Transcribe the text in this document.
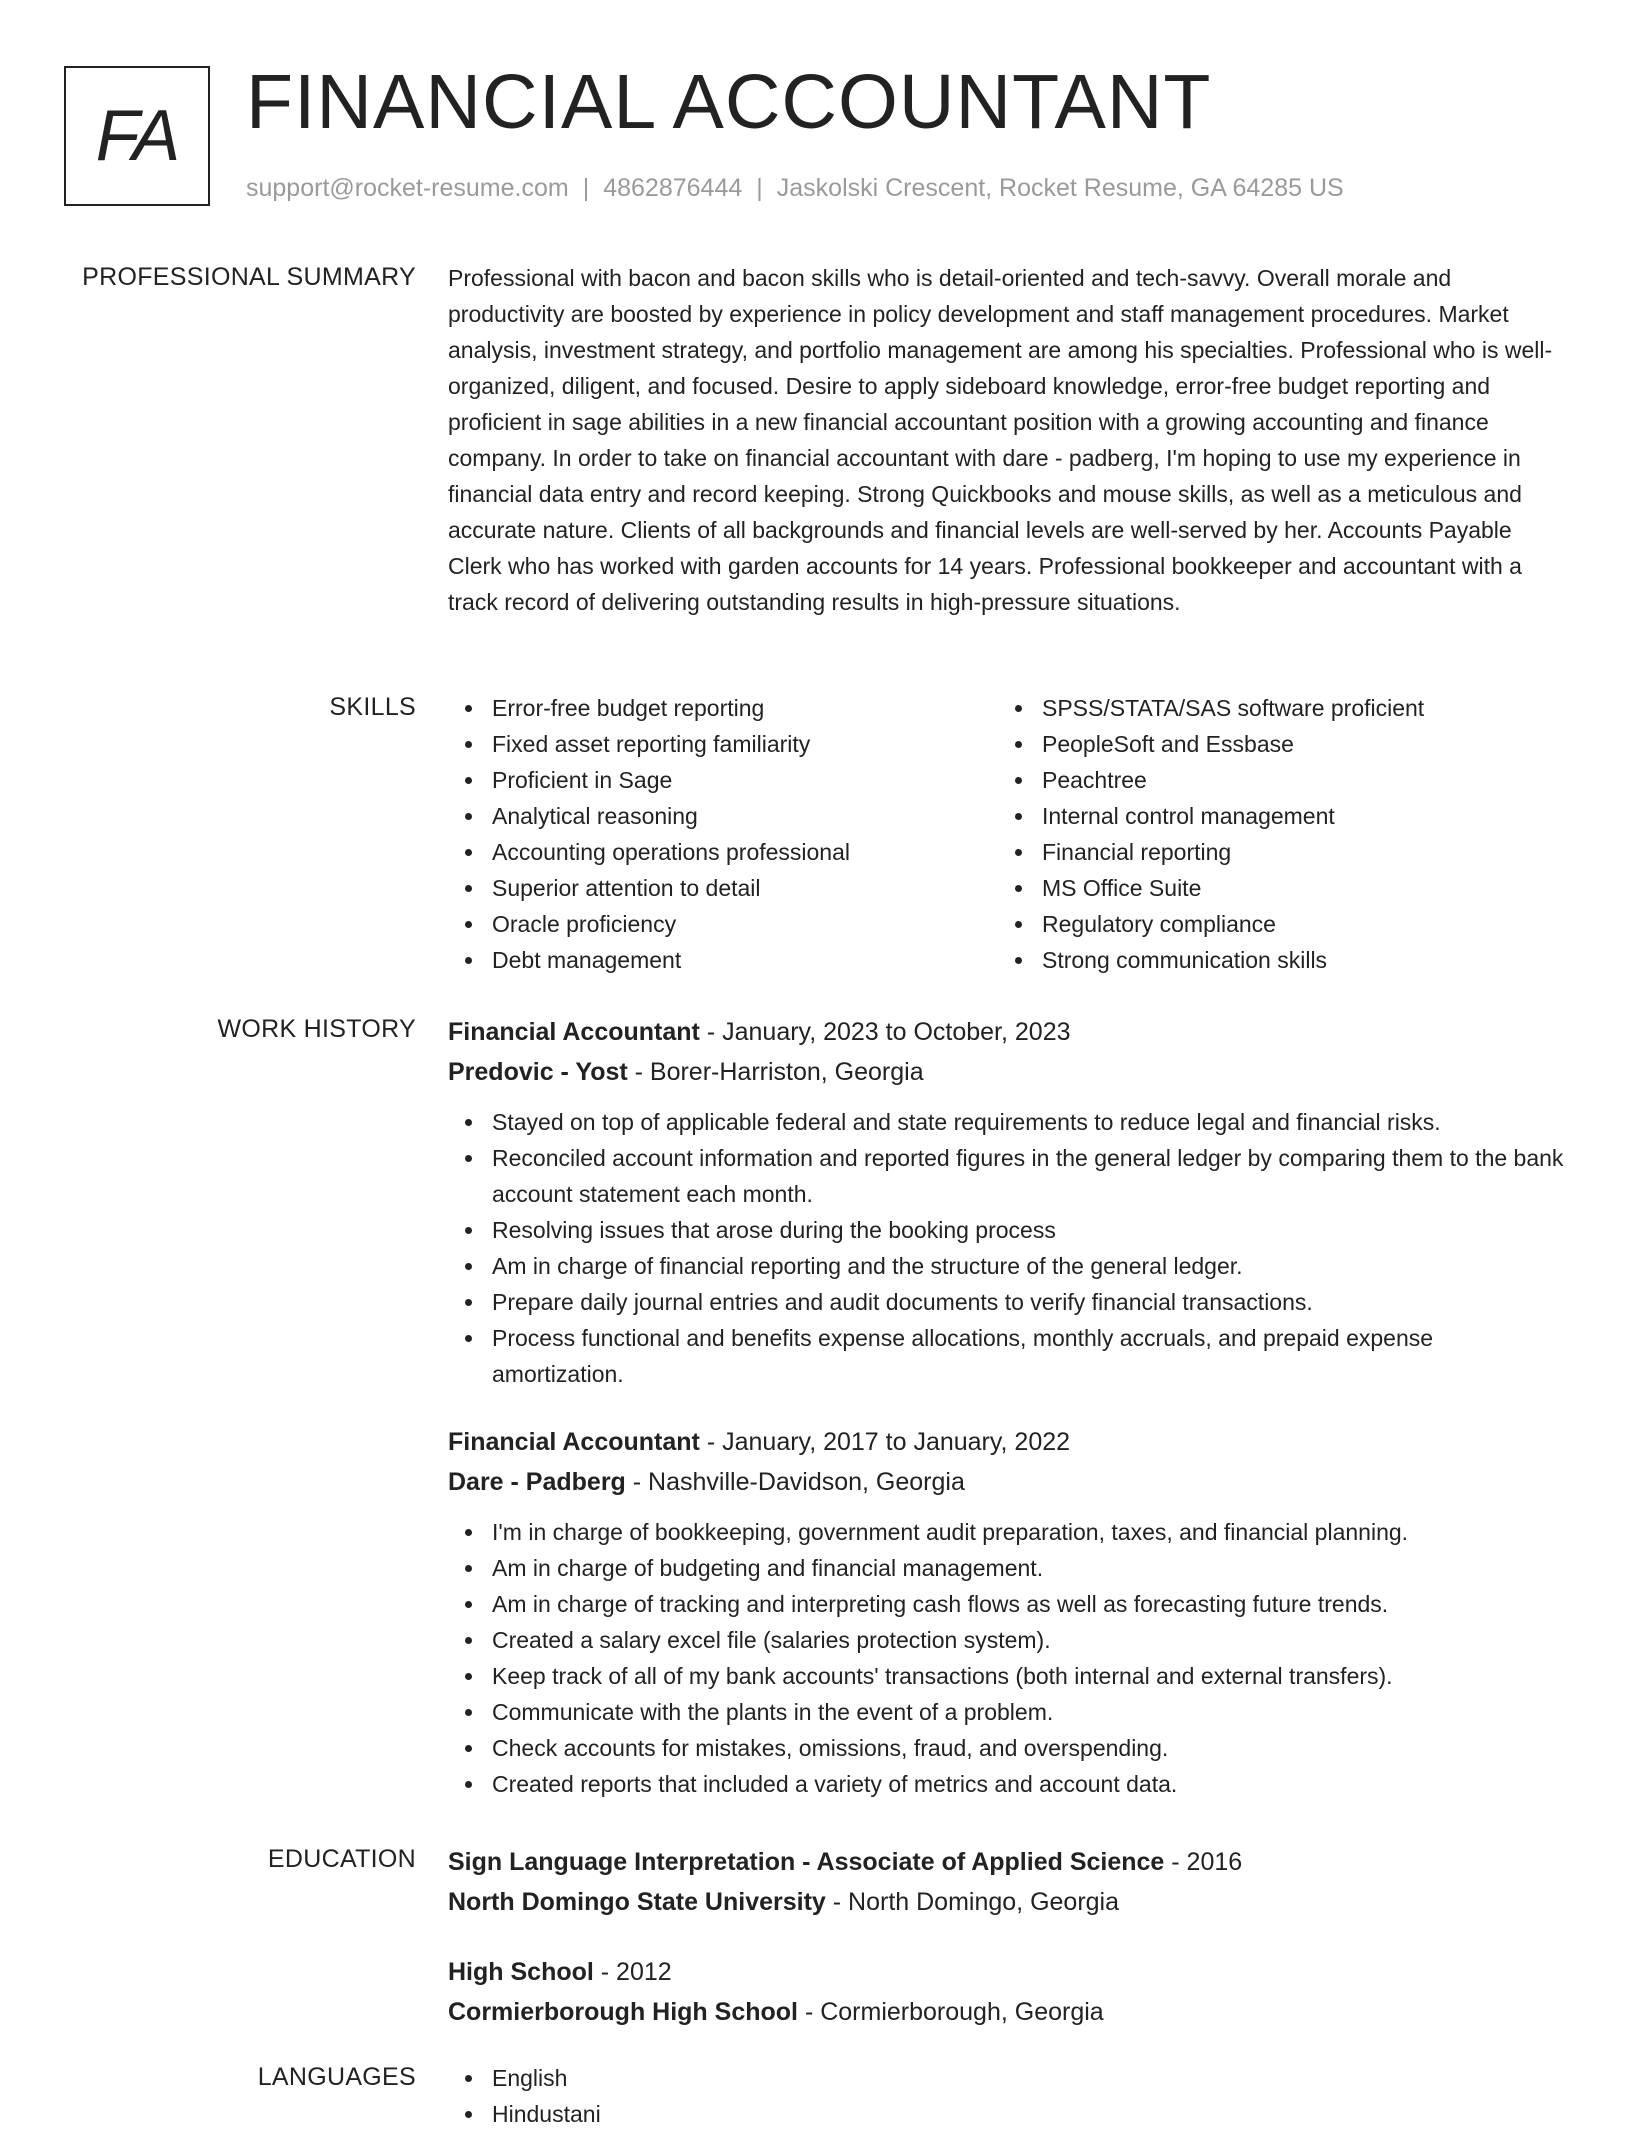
FA FINANCIAL ACCOUNTANT
support@rocket-resume.com | 4862876444 | Jaskolski Crescent, Rocket Resume, GA 64285 US
PROFESSIONAL SUMMARY Professional with bacon and bacon skills who is detail-oriented and tech-savvy. Overall morale and productivity are boosted by experience in policy development and staff management procedures. Market analysis, investment strategy, and portfolio management are among his specialties. Professional who is well-organized, diligent, and focused. Desire to apply sideboard knowledge, error-free budget reporting and proficient in sage abilities in a new financial accountant position with a growing accounting and finance company. In order to take on financial accountant with dare - padberg, I'm hoping to use my experience in financial data entry and record keeping. Strong Quickbooks and mouse skills, as well as a meticulous and accurate nature. Clients of all backgrounds and financial levels are well-served by her. Accounts Payable Clerk who has worked with garden accounts for 14 years. Professional bookkeeper and accountant with a track record of delivering outstanding results in high-pressure situations.

SKILLS	Error-free budget reporting
Fixed asset reporting familiarity
Proficient in Sage
Analytical reasoning
Accounting operations professional
Superior attention to detail
Oracle proficiency
Debt management
SPSS/STATA/SAS software proficient
PeopleSoft and Essbase
Peachtree
Internal control management
Financial reporting
MS Office Suite
Regulatory compliance
Strong communication skills
WORK HISTORY Financial Accountant - January, 2023 to October, 2023
Predovic - Yost - Borer-Harriston, Georgia
Stayed on top of applicable federal and state requirements to reduce legal and financial risks.
Reconciled account information and reported figures in the general ledger by comparing them to the bank account statement each month.
Resolving issues that arose during the booking process
Am in charge of financial reporting and the structure of the general ledger.
Prepare daily journal entries and audit documents to verify financial transactions.
Process functional and benefits expense allocations, monthly accruals, and prepaid expense amortization.
Financial Accountant - January, 2017 to January, 2022
Dare - Padberg - Nashville-Davidson, Georgia
I'm in charge of bookkeeping, government audit preparation, taxes, and financial planning.
Am in charge of budgeting and financial management.
Am in charge of tracking and interpreting cash flows as well as forecasting future trends.
Created a salary excel file (salaries protection system).
Keep track of all of my bank accounts' transactions (both internal and external transfers).
Communicate with the plants in the event of a problem.
Check accounts for mistakes, omissions, fraud, and overspending.
Created reports that included a variety of metrics and account data.
EDUCATION Sign Language Interpretation - Associate of Applied Science - 2016
North Domingo State University - North Domingo, Georgia
High School - 2012
Cormierborough High School - Cormierborough, Georgia
LANGUAGES	English
Hindustani
